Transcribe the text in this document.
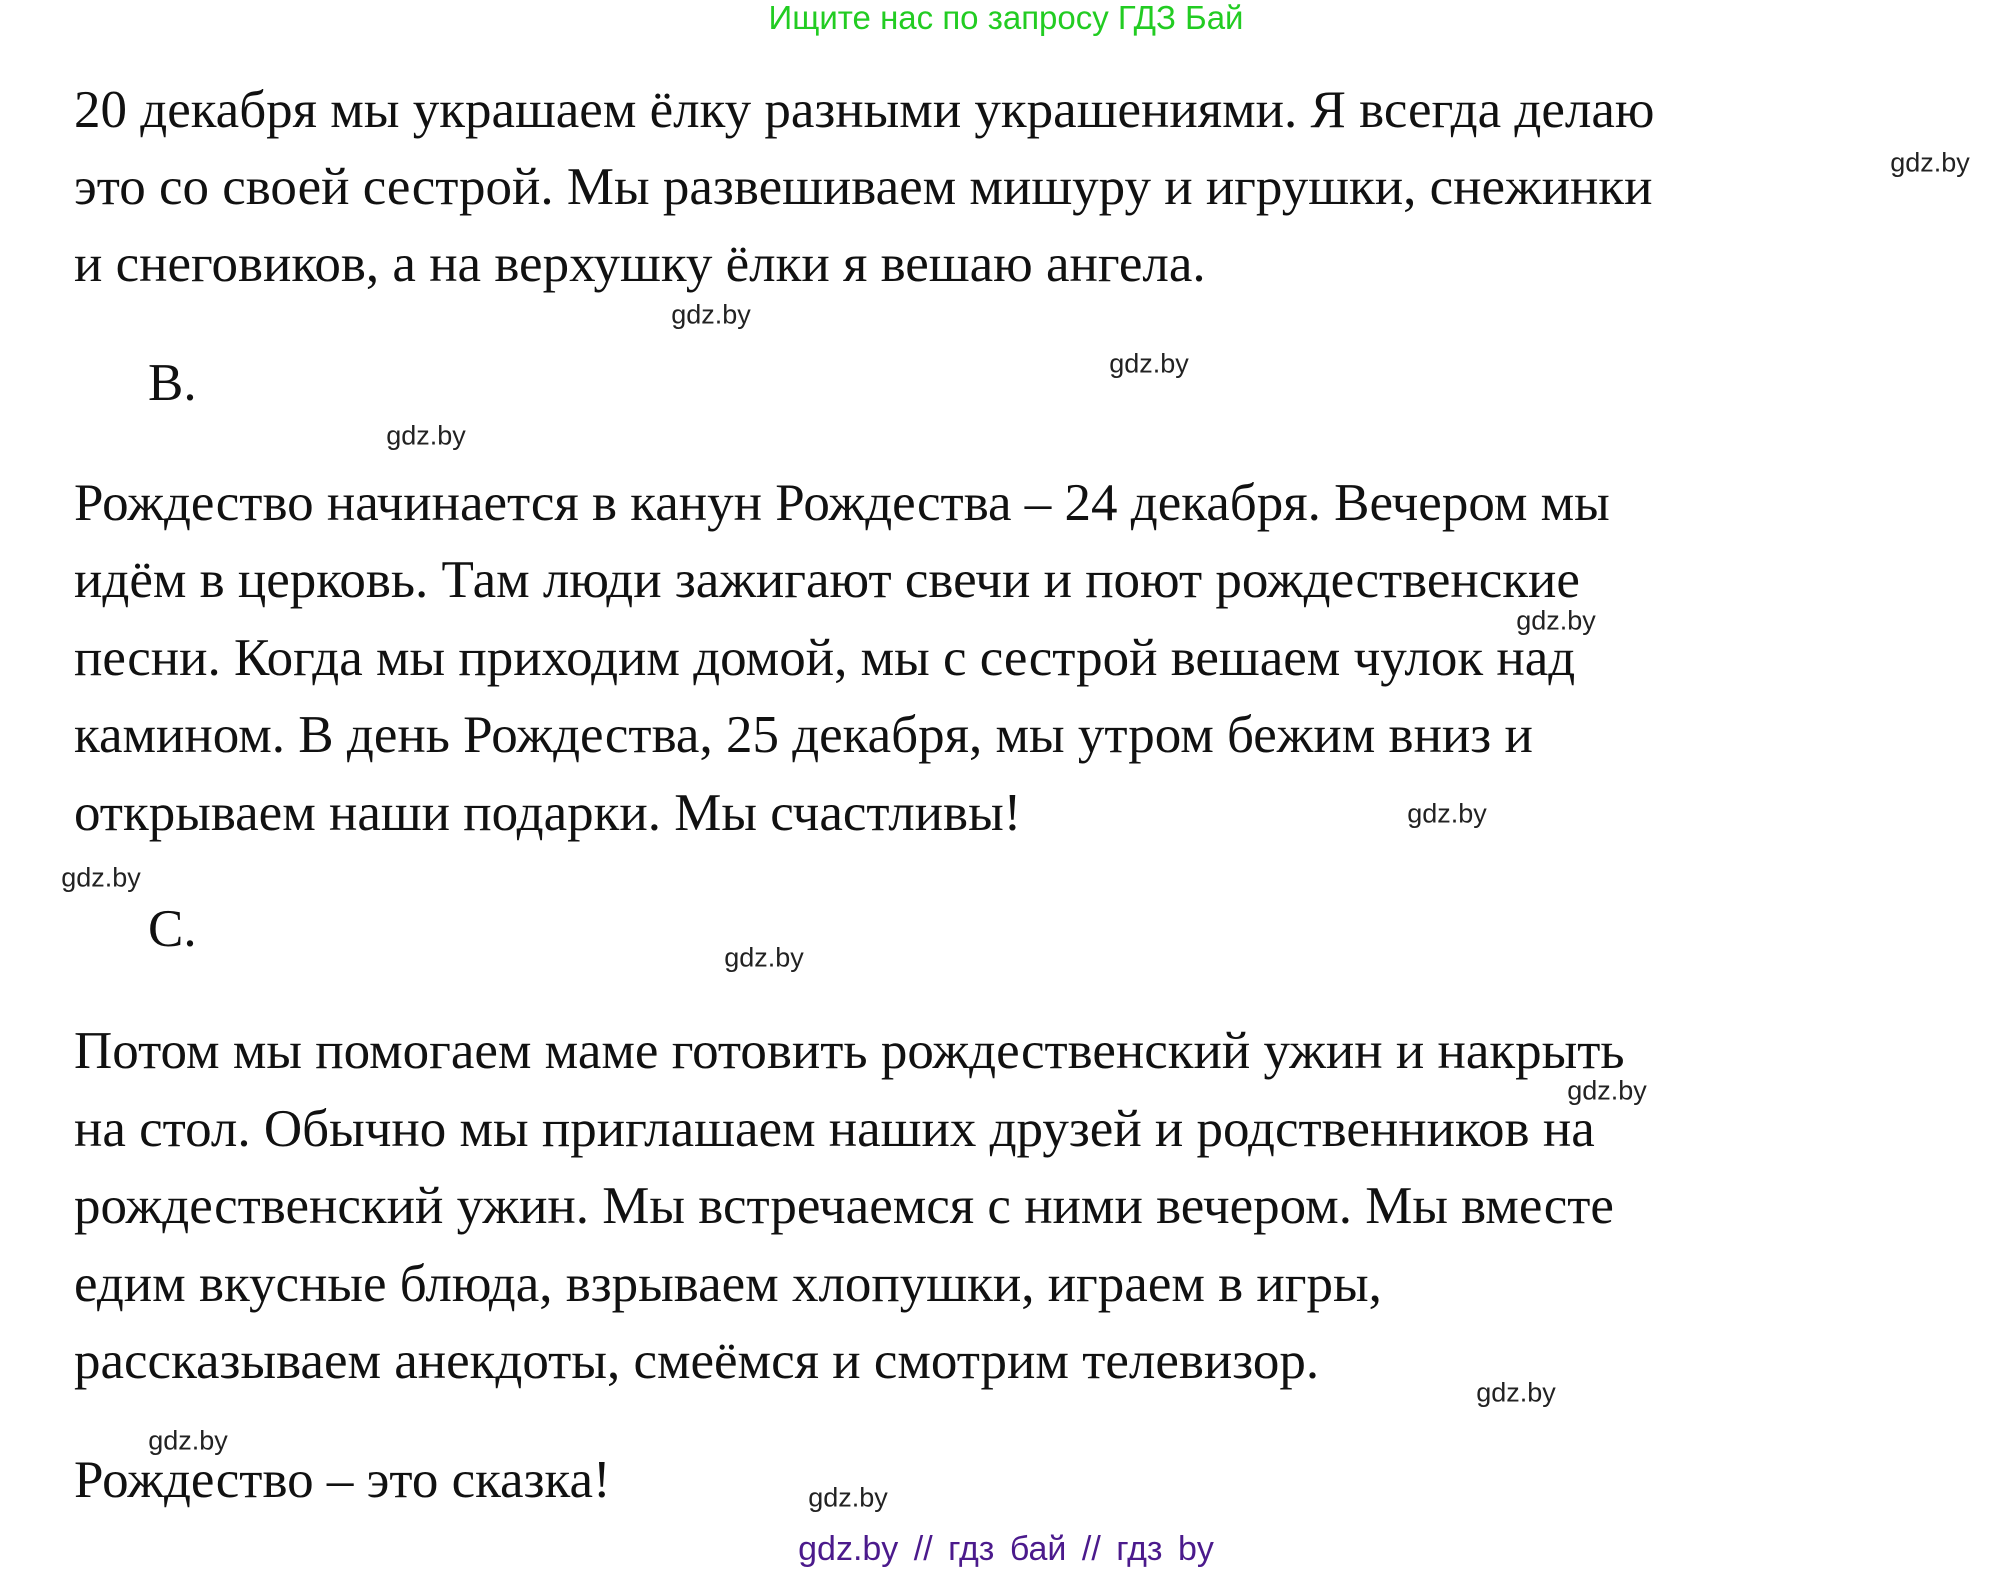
Ищите нас по запросу ГДЗ Бай
20 декабря мы украшаем ёлку разными украшениями. Я всегда делаю
это со своей сестрой. Мы развешиваем мишуру и игрушки, снежинки
и снеговиков, а на верхушку ёлки я вешаю ангела.
B.
Рождество начинается в канун Рождества – 24 декабря. Вечером мы
идём в церковь. Там люди зажигают свечи и поют рождественские
песни. Когда мы приходим домой, мы с сестрой вешаем чулок над
камином. В день Рождества, 25 декабря, мы утром бежим вниз и
открываем наши подарки. Мы счастливы!
C.
Потом мы помогаем маме готовить рождественский ужин и накрыть
на стол. Обычно мы приглашаем наших друзей и родственников на
рождественский ужин. Мы встречаемся с ними вечером. Мы вместе
едим вкусные блюда, взрываем хлопушки, играем в игры,
рассказываем анекдоты, смеёмся и смотрим телевизор.
Рождество – это сказка!
gdz.by
gdz.by
gdz.by
gdz.by
gdz.by
gdz.by
gdz.by
gdz.by
gdz.by
gdz.by
gdz.by
gdz.by
gdz.by // гдз бай // гдз by
